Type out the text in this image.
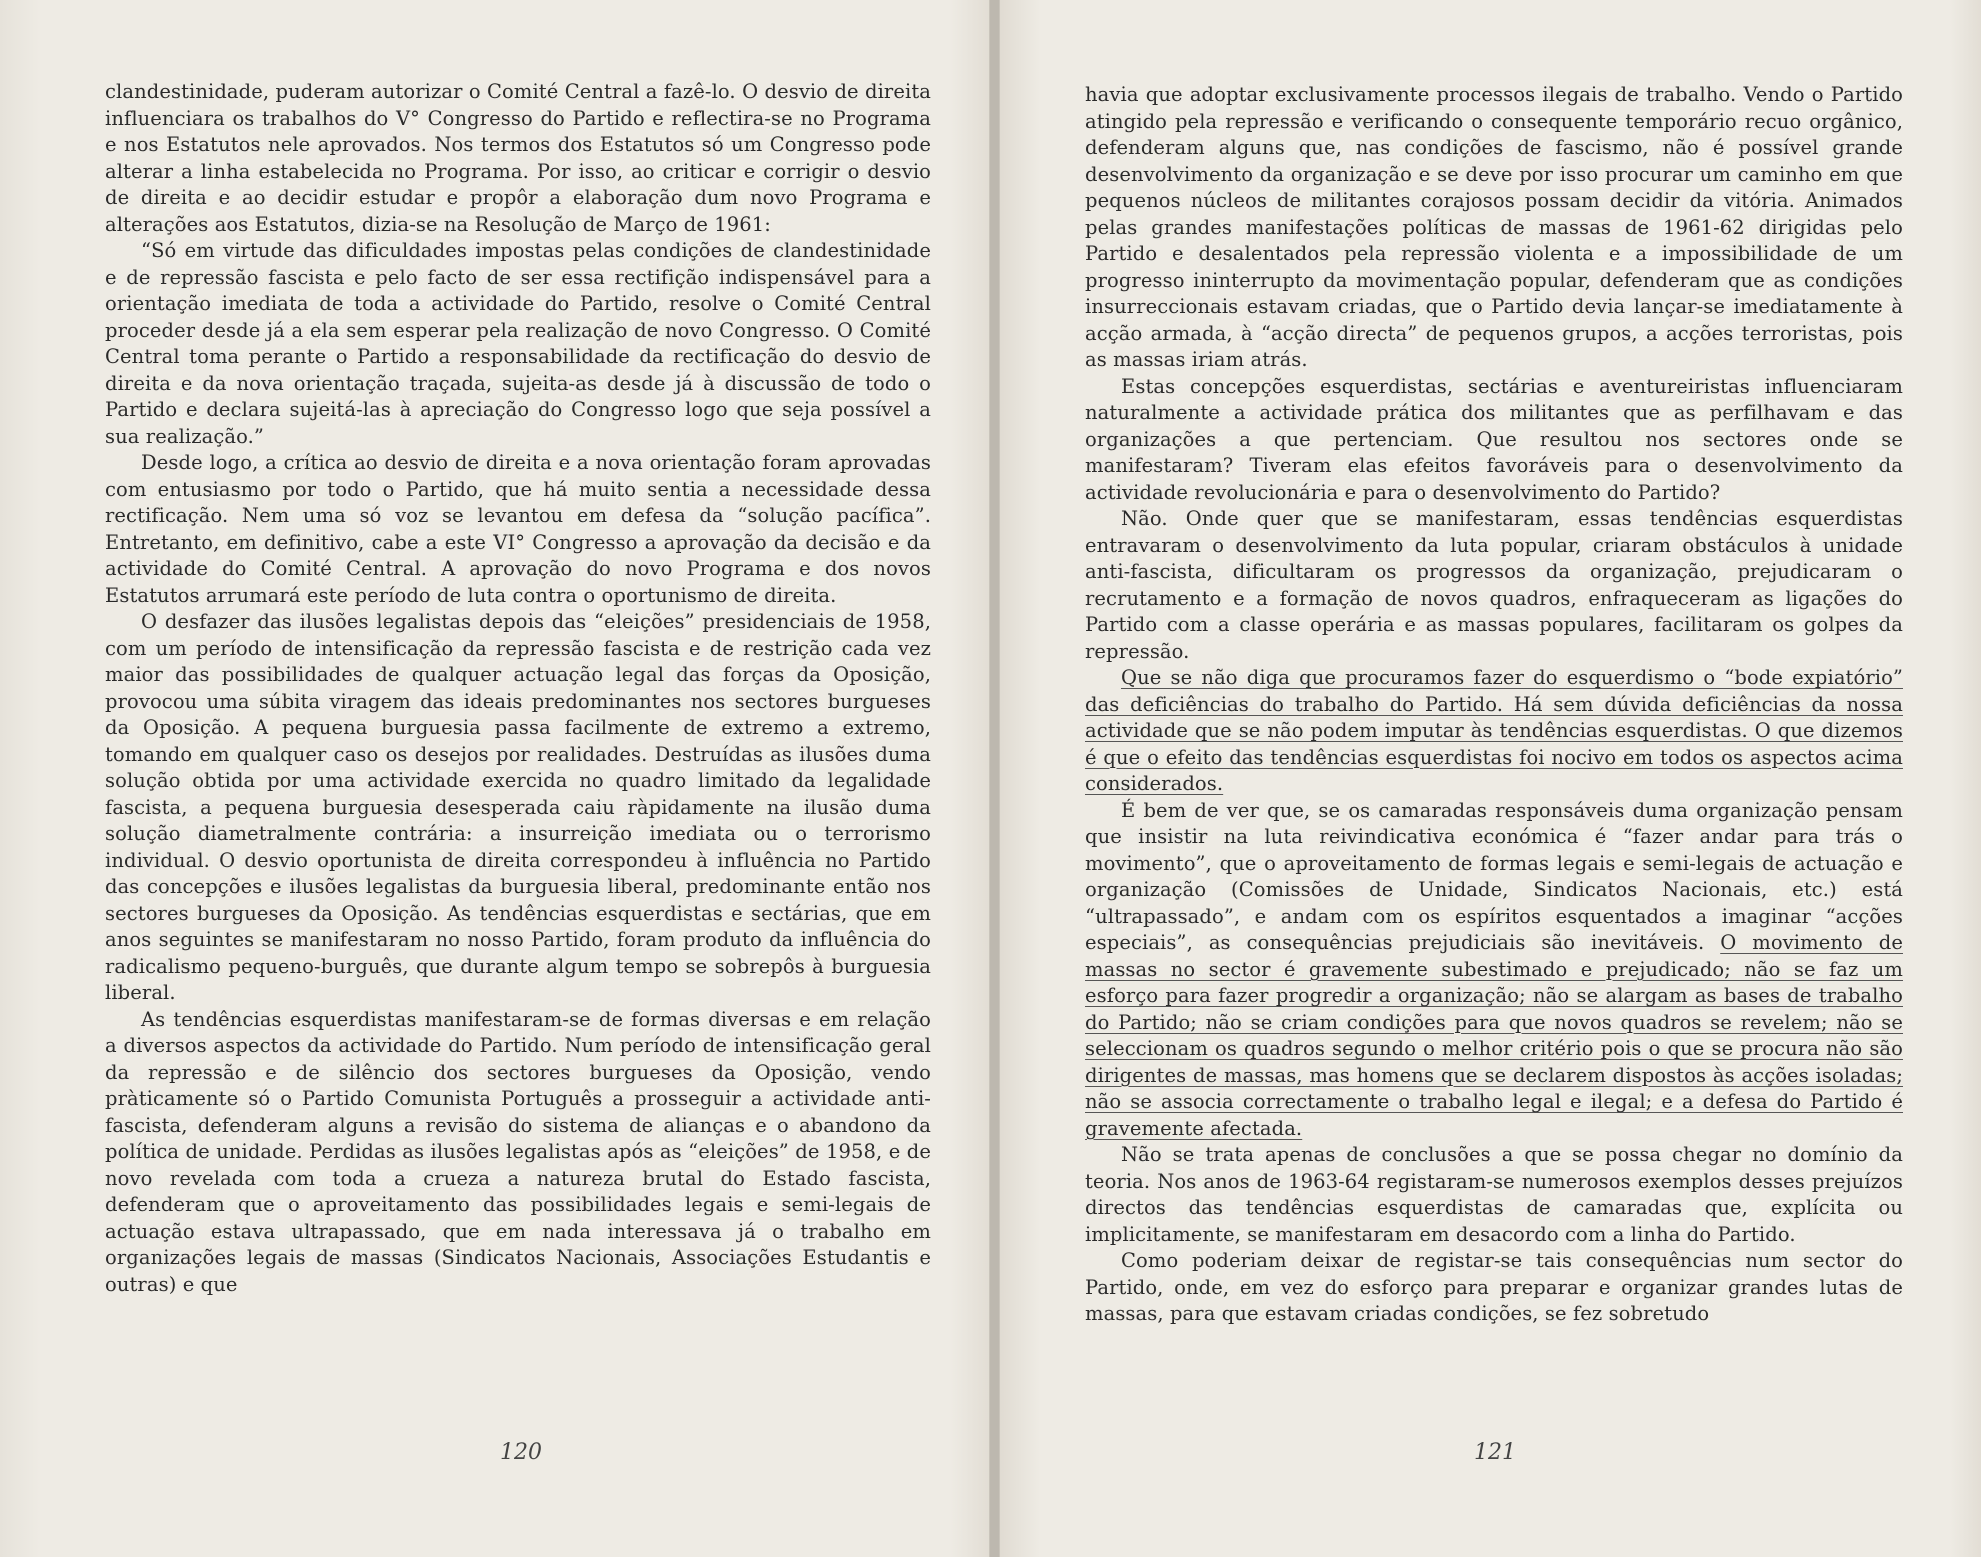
clandestinidade, puderam autorizar o Comité Central a fazê-lo. O desvio de direita influenciara os trabalhos do V° Congresso do Partido e reflectira-se no Programa e nos Estatutos nele aprovados. Nos termos dos Estatutos só um Congresso pode alterar a linha estabelecida no Programa. Por isso, ao criticar e corrigir o desvio de direita e ao decidir estudar e propôr a elaboração dum novo Programa e alterações aos Estatutos, dizia-se na Resolução de Março de 1961:

“Só em virtude das dificuldades impostas pelas condições de clandestinidade e de repressão fascista e pelo facto de ser essa rectifição indispensável para a orientação imediata de toda a actividade do Partido, resolve o Comité Central proceder desde já a ela sem esperar pela realização de novo Congresso. O Comité Central toma perante o Partido a responsabilidade da rectificação do desvio de direita e da nova orientação traçada, sujeita-as desde já à discussão de todo o Partido e declara sujeitá-las à apreciação do Congresso logo que seja possível a sua realização.”

Desde logo, a crítica ao desvio de direita e a nova orientação foram aprovadas com entusiasmo por todo o Partido, que há muito sentia a necessidade dessa rectificação. Nem uma só voz se levantou em defesa da “solução pacífica”. Entretanto, em definitivo, cabe a este VI° Congresso a aprovação da decisão e da actividade do Comité Central. A aprovação do novo Programa e dos novos Estatutos arrumará este período de luta contra o oportunismo de direita.

O desfazer das ilusões legalistas depois das “eleições” presidenciais de 1958, com um período de intensificação da repressão fascista e de restrição cada vez maior das possibilidades de qualquer actuação legal das forças da Oposição, provocou uma súbita viragem das ideais predominantes nos sectores burgueses da Oposição. A pequena burguesia passa facilmente de extremo a extremo, tomando em qualquer caso os desejos por realidades. Destruídas as ilusões duma solução obtida por uma actividade exercida no quadro limitado da legalidade fascista, a pequena burguesia desesperada caiu ràpidamente na ilusão duma solução diametralmente contrária: a insurreição imediata ou o terrorismo individual. O desvio oportunista de direita correspondeu à influência no Partido das concepções e ilusões legalistas da burguesia liberal, predominante então nos sectores burgueses da Oposição. As tendências esquerdistas e sectárias, que em anos seguintes se manifestaram no nosso Partido, foram produto da influência do radicalismo pequeno-burguês, que durante algum tempo se sobrepôs à burguesia liberal.

As tendências esquerdistas manifestaram-se de formas diversas e em relação a diversos aspectos da actividade do Partido. Num período de intensificação geral da repressão e de silêncio dos sectores burgueses da Oposição, vendo pràticamente só o Partido Comunista Português a prosseguir a actividade anti-fascista, defenderam alguns a revisão do sistema de alianças e o abandono da política de unidade. Perdidas as ilusões legalistas após as “eleições” de 1958, e de novo revelada com toda a crueza a natureza brutal do Estado fascista, defenderam que o aproveitamento das possibilidades legais e semi-legais de actuação estava ultrapassado, que em nada interessava já o trabalho em organizações legais de massas (Sindicatos Nacionais, Associações Estudantis e outras) e que

120

havia que adoptar exclusivamente processos ilegais de trabalho. Vendo o Partido atingido pela repressão e verificando o consequente temporário recuo orgânico, defenderam alguns que, nas condições de fascismo, não é possível grande desenvolvimento da organização e se deve por isso procurar um caminho em que pequenos núcleos de militantes corajosos possam decidir da vitória. Animados pelas grandes manifestações políticas de massas de 1961-62 dirigidas pelo Partido e desalentados pela repressão violenta e a impossibilidade de um progresso ininterrupto da movimentação popular, defenderam que as condições insurreccionais estavam criadas, que o Partido devia lançar-se imediatamente à acção armada, à “acção directa” de pequenos grupos, a acções terroristas, pois as massas iriam atrás.

Estas concepções esquerdistas, sectárias e aventureiristas influenciaram naturalmente a actividade prática dos militantes que as perfilhavam e das organizações a que pertenciam. Que resultou nos sectores onde se manifestaram? Tiveram elas efeitos favoráveis para o desenvolvimento da actividade revolucionária e para o desenvolvimento do Partido?

Não. Onde quer que se manifestaram, essas tendências esquerdistas entravaram o desenvolvimento da luta popular, criaram obstáculos à unidade anti-fascista, dificultaram os progressos da organização, prejudicaram o recrutamento e a formação de novos quadros, enfraqueceram as ligações do Partido com a classe operária e as massas populares, facilitaram os golpes da repressão.

Que se não diga que procuramos fazer do esquerdismo o “bode expiatório” das deficiências do trabalho do Partido. Há sem dúvida deficiências da nossa actividade que se não podem imputar às tendências esquerdistas. O que dizemos é que o efeito das tendências esquerdistas foi nocivo em todos os aspectos acima considerados.

É bem de ver que, se os camaradas responsáveis duma organização pensam que insistir na luta reivindicativa económica é “fazer andar para trás o movimento”, que o aproveitamento de formas legais e semi-legais de actuação e organização (Comissões de Unidade, Sindicatos Nacionais, etc.) está “ultrapassado”, e andam com os espíritos esquentados a imaginar “acções especiais”, as consequências prejudiciais são inevitáveis. O movimento de massas no sector é gravemente subestimado e prejudicado; não se faz um esforço para fazer progredir a organização; não se alargam as bases de trabalho do Partido; não se criam condições para que novos quadros se revelem; não se seleccionam os quadros segundo o melhor critério pois o que se procura não são dirigentes de massas, mas homens que se declarem dispostos às acções isoladas; não se associa correctamente o trabalho legal e ilegal; e a defesa do Partido é gravemente afectada.

Não se trata apenas de conclusões a que se possa chegar no domínio da teoria. Nos anos de 1963-64 registaram-se numerosos exemplos desses prejuízos directos das tendências esquerdistas de camaradas que, explícita ou implicitamente, se manifestaram em desacordo com a linha do Partido.

Como poderiam deixar de registar-se tais consequências num sector do Partido, onde, em vez do esforço para preparar e organizar grandes lutas de massas, para que estavam criadas condições, se fez sobretudo

121
